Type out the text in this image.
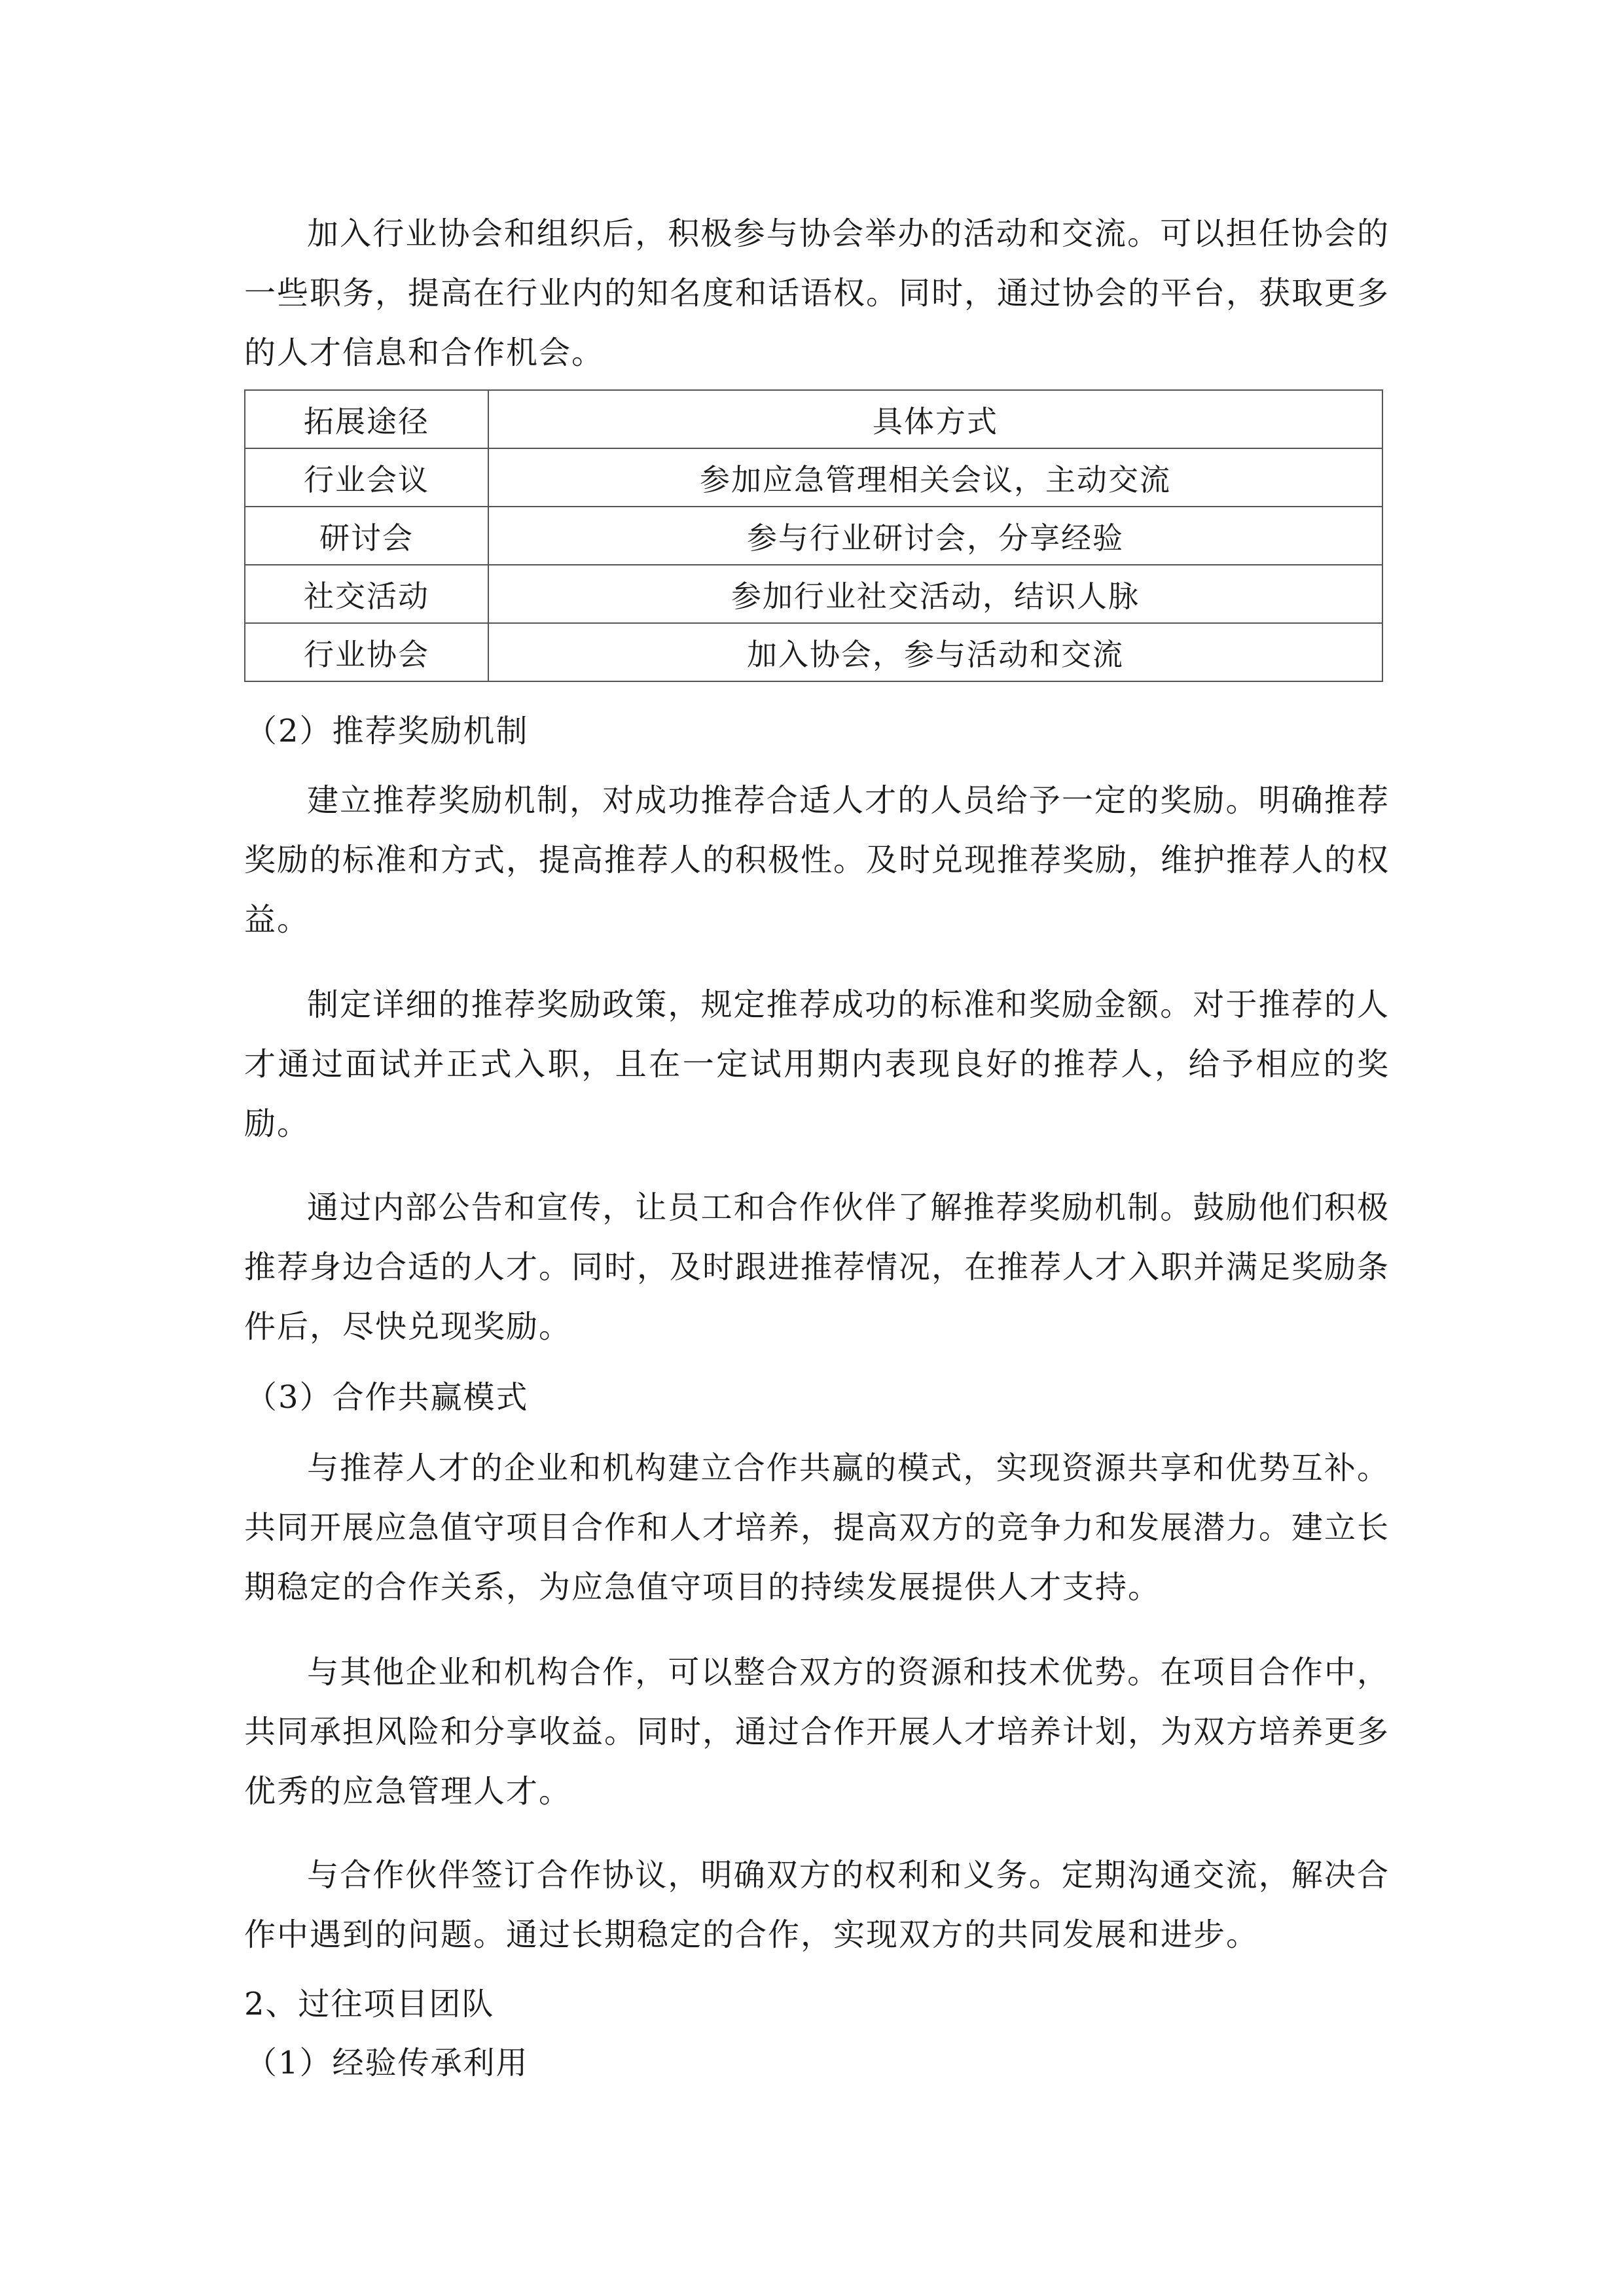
加入行业协会和组织后，积极参与协会举办的活动和交流。可以担任协会的一些职务，提高在行业内的知名度和话语权。同时，通过协会的平台，获取更多的人才信息和合作机会。

拓展途径	具体方式
行业会议	参加应急管理相关会议，主动交流
研讨会	参与行业研讨会，分享经验
社交活动	参加行业社交活动，结识人脉
行业协会	加入协会，参与活动和交流

（2）推荐奖励机制

建立推荐奖励机制，对成功推荐合适人才的人员给予一定的奖励。明确推荐奖励的标准和方式，提高推荐人的积极性。及时兑现推荐奖励，维护推荐人的权益。

制定详细的推荐奖励政策，规定推荐成功的标准和奖励金额。对于推荐的人才通过面试并正式入职，且在一定试用期内表现良好的推荐人，给予相应的奖励。

通过内部公告和宣传，让员工和合作伙伴了解推荐奖励机制。鼓励他们积极推荐身边合适的人才。同时，及时跟进推荐情况，在推荐人才入职并满足奖励条件后，尽快兑现奖励。

（3）合作共赢模式

与推荐人才的企业和机构建立合作共赢的模式，实现资源共享和优势互补。共同开展应急值守项目合作和人才培养，提高双方的竞争力和发展潜力。建立长期稳定的合作关系，为应急值守项目的持续发展提供人才支持。

与其他企业和机构合作，可以整合双方的资源和技术优势。在项目合作中，共同承担风险和分享收益。同时，通过合作开展人才培养计划，为双方培养更多优秀的应急管理人才。

与合作伙伴签订合作协议，明确双方的权利和义务。定期沟通交流，解决合作中遇到的问题。通过长期稳定的合作，实现双方的共同发展和进步。

2、过往项目团队

（1）经验传承利用
